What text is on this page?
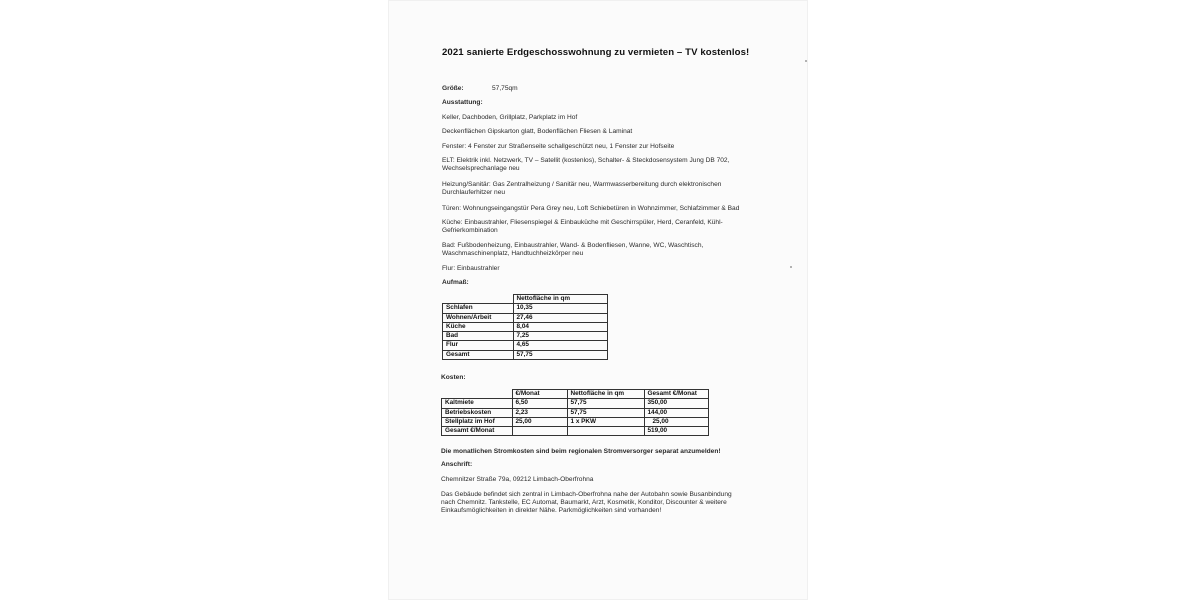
2021 sanierte Erdgeschosswohnung zu vermieten – TV kostenlos!
Größe:	57,75qm
Ausstattung:
Keller, Dachboden, Grillplatz, Parkplatz im Hof
Deckenflächen Gipskarton glatt, Bodenflächen Fliesen & Laminat
Fenster: 4 Fenster zur Straßenseite schallgeschützt neu, 1 Fenster zur Hofseite
ELT: Elektrik inkl. Netzwerk, TV – Satellit (kostenlos), Schalter- & Steckdosensystem Jung DB 702,
Wechselsprechanlage neu
Heizung/Sanitär: Gas Zentralheizung / Sanitär neu, Warmwasserbereitung durch elektronischen
Durchlauferhitzer neu
Türen: Wohnungseingangstür Pera Grey neu, Loft Schiebetüren in Wohnzimmer, Schlafzimmer & Bad
Küche: Einbaustrahler, Fliesenspiegel & Einbauküche mit Geschirrspüler, Herd, Ceranfeld, Kühl-
Gefrierkombination
Bad: Fußbodenheizung, Einbaustrahler, Wand- & Bodenfliesen, Wanne, WC, Waschtisch,
Waschmaschinenplatz, Handtuchheizkörper neu
Flur: Einbaustrahler
Aufmaß:
	Nettofläche in qm
Schlafen	10,35
Wohnen/Arbeit	27,46
Küche	8,04
Bad	7,25
Flur	4,65
Gesamt	57,75
Kosten:
	€/Monat	Nettofläche in qm	Gesamt €/Monat
Kaltmiete	6,50	57,75	350,00
Betriebskosten	2,23	57,75	144,00
Stellplatz im Hof	25,00	1 x PKW	25,00
Gesamt €/Monat			519,00
Die monatlichen Stromkosten sind beim regionalen Stromversorger separat anzumelden!
Anschrift:
Chemnitzer Straße 79a, 09212 Limbach-Oberfrohna
Das Gebäude befindet sich zentral in Limbach-Oberfrohna nahe der Autobahn sowie Busanbindung
nach Chemnitz. Tankstelle, EC Automat, Baumarkt, Arzt, Kosmetik, Konditor, Discounter & weitere
Einkaufsmöglichkeiten in direkter Nähe. Parkmöglichkeiten sind vorhanden!
